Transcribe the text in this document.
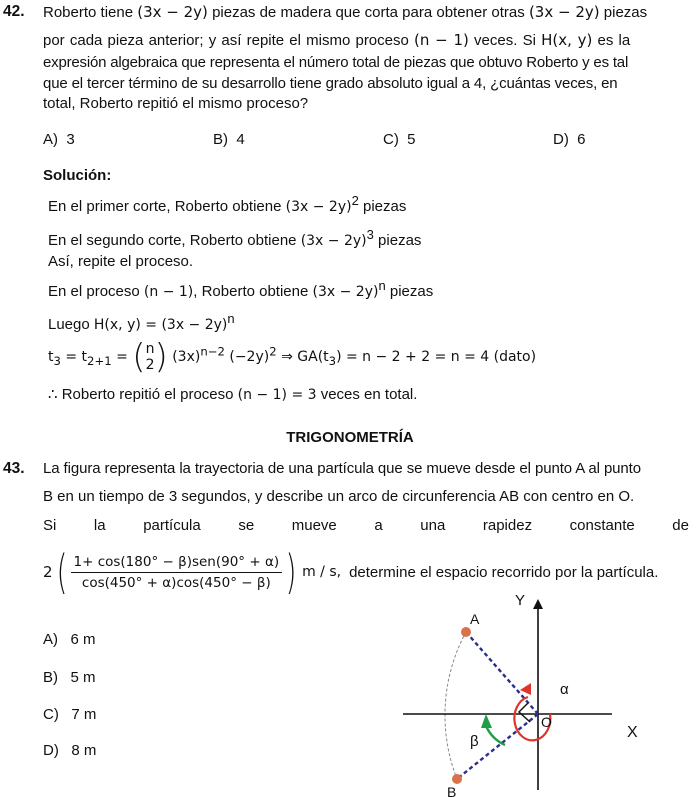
42. Roberto tiene (3x − 2y) piezas de madera que corta para obtener otras (3x − 2y) piezas
por cada pieza anterior; y así repite el mismo proceso (n − 1) veces. Si H(x, y) es la
expresión algebraica que representa el número total de piezas que obtuvo Roberto y es tal
que el tercer término de su desarrollo tiene grado absoluto igual a 4, ¿cuántas veces, en
total, Roberto repitió el mismo proceso?
A) 3	B) 4	C) 5	D) 6
Solución:
En el primer corte, Roberto obtiene $(3x - 2y)^2$ piezas
En el segundo corte, Roberto obtiene $(3x - 2y)^3$ piezas
Así, repite el proceso.
En el proceso (n − 1), Roberto obtiene $(3x - 2y)^n$ piezas
Luego H(x, $y) = (3x - 2y)^n$
$t_3 = t_{2+1}$ = ( n
2 ) $(3x)^{n-2}$ $(-2y)^2$ ⇒ $GA(t_3) = n - 2 + 2 = n = 4$ (dato)
∴ Roberto repitió el proceso (n − 1) = 3 veces en total.
TRIGONOMETRÍA
43. La figura representa la trayectoria de una partícula que se mueve desde el punto A al punto
B en un tiempo de 3 segundos, y describe un arco de circunferencia AB con centro en O.
Si	la	partícula	se	mueve	a	una	rapidez	constante	de
2 ( $\frac{\text{1+ cos(180° − β)sen(90° + α)}}{\cos(450^\circ + \alpha)\cos(450^\circ - \beta)}$ ) m / s, determine el espacio recorrido por la partícula.
A) 6 m
B) 5 m
C) 7 m
D) 8 m
Y
X
A
B
O
α
β
